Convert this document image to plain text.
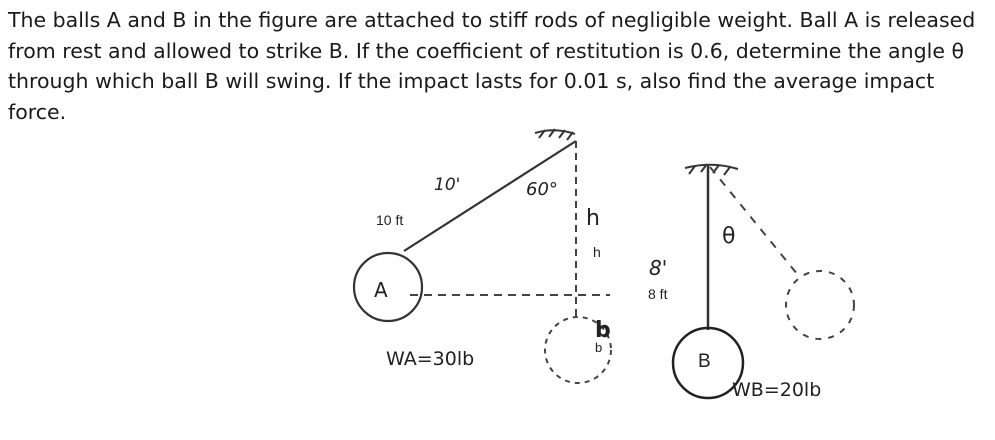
The balls A and B in the figure are attached to stiff rods of negligible weight. Ball A is released from rest and allowed to strike B. If the coefficient of restitution is 0.6, determine the angle θ through which ball B will swing. If the impact lasts for 0.01 s, also find the average impact force.

10'
10 ft
60°
h
h
A
WA=30lb
b
b
8'
8 ft
θ
B
WB=20lb
